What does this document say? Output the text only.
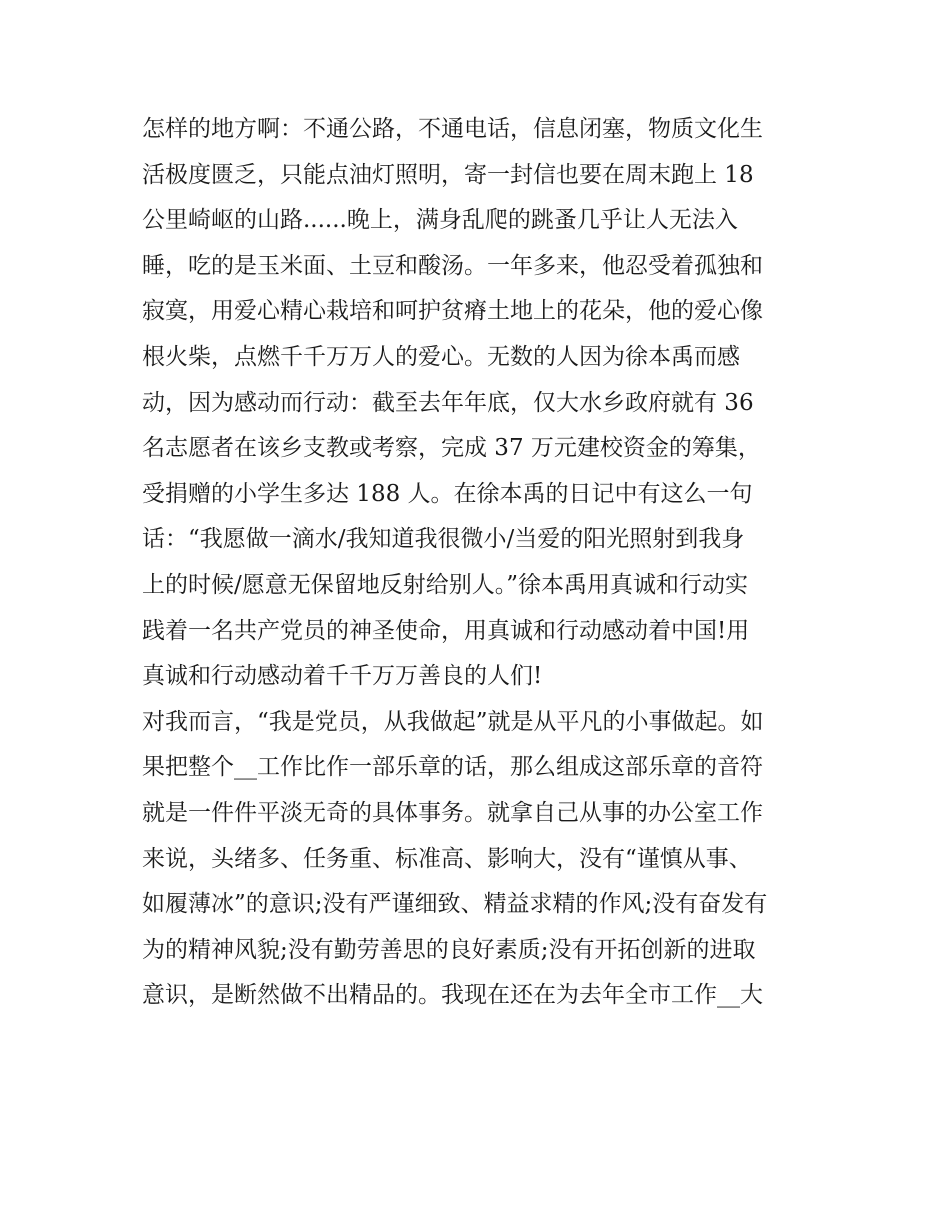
怎样的地方啊：不通公路，不通电话，信息闭塞，物质文化生
活极度匮乏，只能点油灯照明，寄一封信也要在周末跑上 18
公里崎岖的山路......晚上，满身乱爬的跳蚤几乎让人无法入
睡，吃的是玉米面、土豆和酸汤。一年多来，他忍受着孤独和
寂寞，用爱心精心栽培和呵护贫瘠土地上的花朵，他的爱心像
根火柴，点燃千千万万人的爱心。无数的人因为徐本禹而感
动，因为感动而行动：截至去年年底，仅大水乡政府就有 36
名志愿者在该乡支教或考察，完成 37 万元建校资金的筹集，
受捐赠的小学生多达 188 人。在徐本禹的日记中有这么一句
话：“我愿做一滴水/我知道我很微小/当爱的阳光照射到我身
上的时候/愿意无保留地反射给别人。”徐本禹用真诚和行动实
践着一名共产党员的神圣使命，用真诚和行动感动着中国!用
真诚和行动感动着千千万万善良的人们!
对我而言，“我是党员，从我做起”就是从平凡的小事做起。如
果把整个__工作比作一部乐章的话，那么组成这部乐章的音符
就是一件件平淡无奇的具体事务。就拿自己从事的办公室工作
来说，头绪多、任务重、标准高、影响大，没有“谨慎从事、
如履薄冰”的意识;没有严谨细致、精益求精的作风;没有奋发有
为的精神风貌;没有勤劳善思的良好素质;没有开拓创新的进取
意识，是断然做不出精品的。我现在还在为去年全市工作__大
